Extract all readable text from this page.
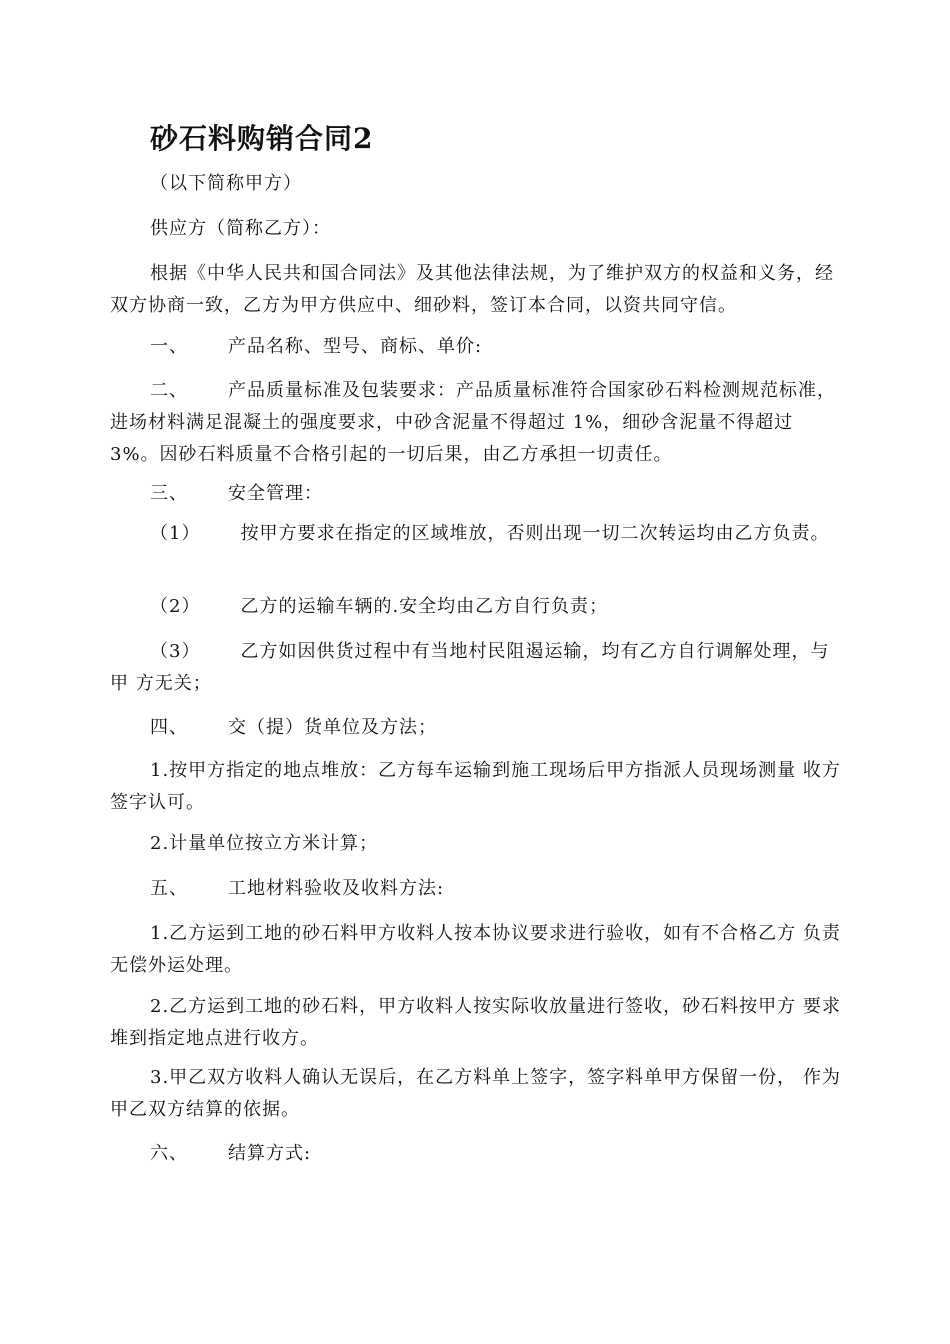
砂石料购销合同2

（以下简称甲方）

供应方（简称乙方）：

根据《中华人民共和国合同法》及其他法律法规，为了维护双方的权益和义务，经双方协商一致，乙方为甲方供应中、细砂料，签订本合同，以资共同守信。

一、 产品名称、型号、商标、单价:

二、 产品质量标准及包装要求：产品质量标准符合国家砂石料检测规范标准， 进场材料满足混凝土的强度要求，中砂含泥量不得超过 1%，细砂含泥量不得超过 3%。因砂石料质量不合格引起的一切后果，由乙方承担一切责任。

三、 安全管理：

（1） 按甲方要求在指定的区域堆放，否则出现一切二次转运均由乙方负责。

（2） 乙方的运输车辆的.安全均由乙方自行负责；

（3） 乙方如因供货过程中有当地村民阻遏运输，均有乙方自行调解处理，与甲 方无关；

四、 交（提）货单位及方法；

1.按甲方指定的地点堆放：乙方每车运输到施工现场后甲方指派人员现场测量 收方签字认可。

2.计量单位按立方米计算；

五、 工地材料验收及收料方法:

1.乙方运到工地的砂石料甲方收料人按本协议要求进行验收，如有不合格乙方 负责无偿外运处理。

2.乙方运到工地的砂石料，甲方收料人按实际收放量进行签收，砂石料按甲方 要求堆到指定地点进行收方。

3.甲乙双方收料人确认无误后，在乙方料单上签字，签字料单甲方保留一份， 作为甲乙双方结算的依据。

六、 结算方式:
